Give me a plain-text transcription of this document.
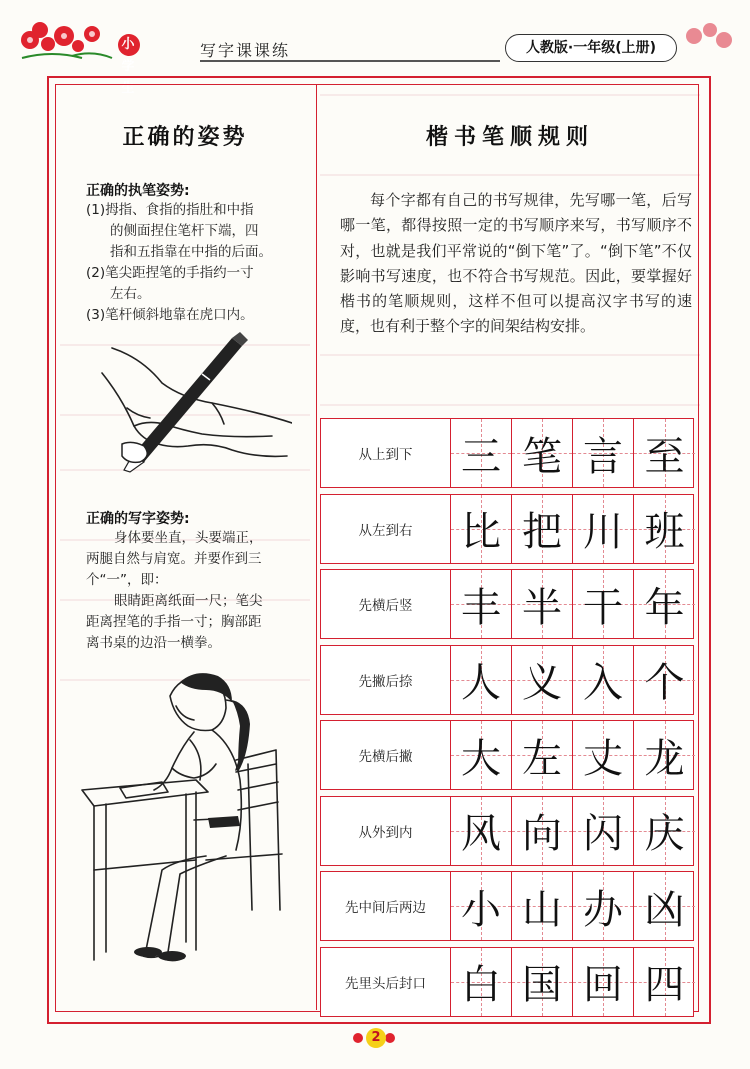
小学生
写字课课练	人教版·一年级(上册)
正确的姿势
正确的执笔姿势:
(1)拇指、食指的指肚和中指
的侧面捏住笔杆下端，四
指和五指靠在中指的后面。
(2)笔尖距捏笔的手指约一寸
左右。
(3)笔杆倾斜地靠在虎口内。
正确的写字姿势:
身体要坐直，头要端正，
两腿自然与肩宽。并要作到三
个“一”，即：
眼睛距离纸面一尺；笔尖
距离捏笔的手指一寸；胸部距
离书桌的边沿一横拳。
楷书笔顺规则

每个字都有自己的书写规律，先写哪一笔，后写哪一笔，都得按照一定的书写顺序来写，书写顺序不对，也就是我们平常说的“倒下笔”了。“倒下笔”不仅影响书写速度，也不符合书写规范。因此，要掌握好楷书的笔顺规则，这样不但可以提高汉字书写的速度，也有利于整个字的间架结构安排。

从上到下	三 笔 言 至
从左到右	比 把 川 班
先横后竖	丰 半 干 年
先撇后捺	人 义 入 个
先横后撇	大 左 丈 龙
从外到内	风 向 闪 庆
先中间后两边 小 山 办 凶
先里头后封口 白 国 回 四
2
